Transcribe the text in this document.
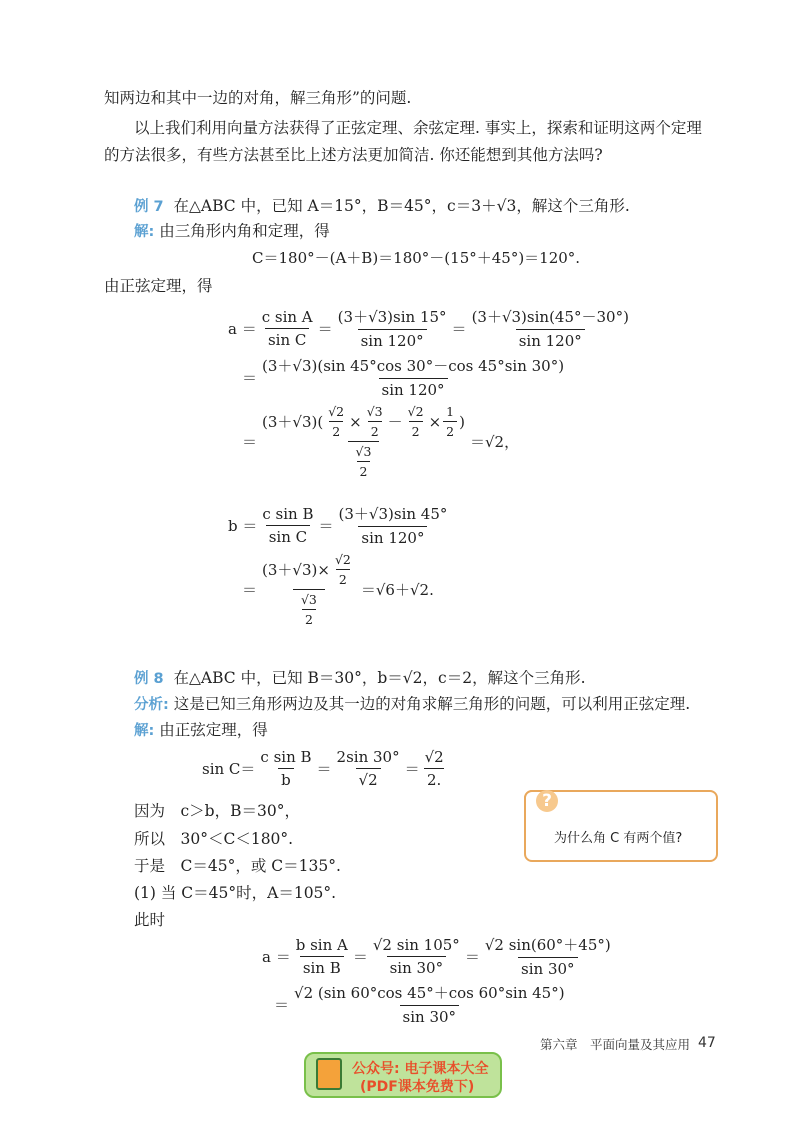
知两边和其中一边的对角，解三角形”的问题.
以上我们利用向量方法获得了正弦定理、余弦定理. 事实上，探索和证明这两个定理
的方法很多，有些方法甚至比上述方法更加简洁. 你还能想到其他方法吗?
例 7 在△ABC 中，已知 A＝15°，B＝45°，c＝3＋√3，解这个三角形.
解: 由三角形内角和定理，得
C＝180°－(A＋B)＝180°－(15°＋45°)＝120°.
由正弦定理，得
$a = \frac{\text{c sin A}}{\text{sin C}} = \frac{(3+√3)\sin 15^\circ}{\sin 120^\circ} = \frac{(3+√3)\sin(45^\circ-30^\circ)}{\sin 120^\circ}$
＝ $\frac{(3+√3)(\sin 45^\circ\cos 30^\circ-\cos 45^\circ\sin 30^\circ)}{\sin 120^\circ}$
＝
$(3+√3)( \frac{√2}{2} \times \frac{√3}{2} - \frac{√2}{2} \times \frac{1}{2}$ )
$\frac{√3}{2}$
＝√2，
$b = \frac{\text{c sin B}}{\text{sin C}} = \frac{(3+√3)\sin 45^\circ}{\sin 120^\circ}$
＝ $\frac{(3+√3)\times \frac{√2}{2}}{\frac{√3}{2}} =√6+√2$.
例 8 在△ABC 中，已知 B＝30°，b＝√2，c＝2，解这个三角形.
分析: 这是已知三角形两边及其一边的对角求解三角形的问题，可以利用正弦定理.
解: 由正弦定理，得
$\sin C= \frac{\text{c sin B}}{b} = \frac{2\sin 30^\circ}{√2} = \frac{√2}{2.}$
因为　c＞b，B＝30°，
所以　30°＜C＜180°.
于是　C＝45°，或 C＝135°.
(1) 当 C＝45°时，A＝105°.
此时
$a = \frac{\text{b sin A}}{\text{sin B}} = \frac{√2 \sin 105^\circ}{\sin 30^\circ} = \frac{√2 \sin(60^\circ+45^\circ)}{\sin 30^\circ}$
＝ $\frac{√2 (\sin 60^\circ\cos 45^\circ+\cos 60^\circ\sin 45^\circ)}{\sin 30^\circ}$
?
为什么角 C 有两个值?
第六章　平面向量及其应用 47
公众号: 电子课本大全
(PDF课本免费下)
